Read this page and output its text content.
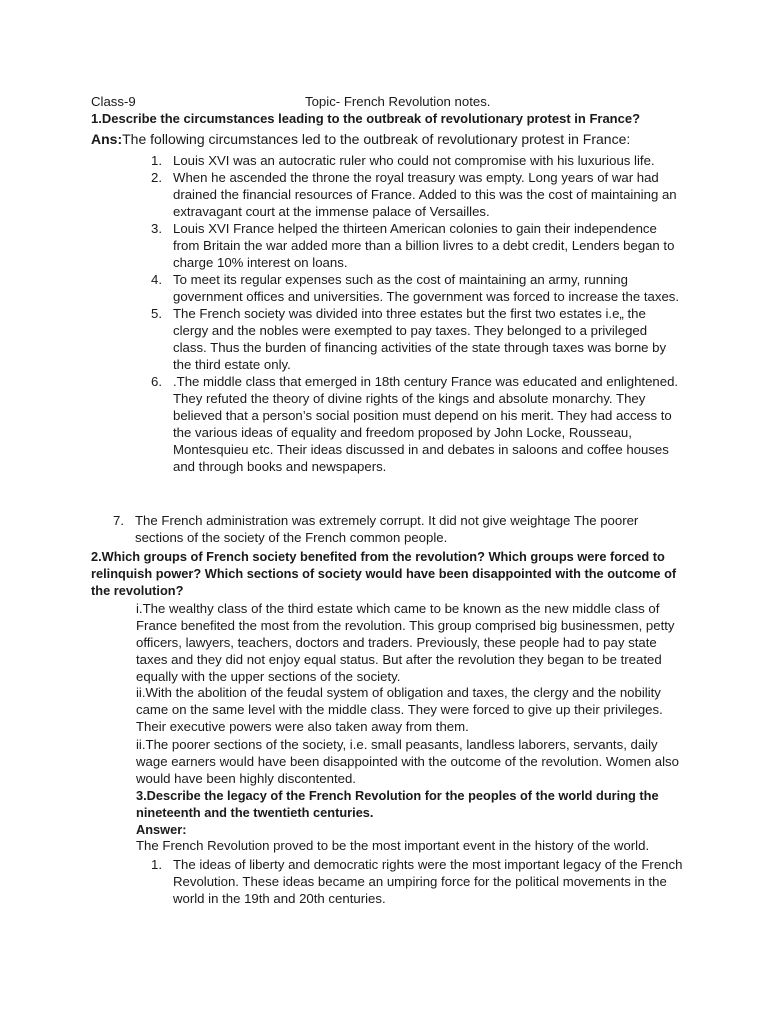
Class-9	Topic- French Revolution notes.
1.Describe the circumstances leading to the outbreak of revolutionary protest in France?
Ans:The following circumstances led to the outbreak of revolutionary protest in France:
1. Louis XVI was an autocratic ruler who could not compromise with his luxurious life.
2. When he ascended the throne the royal treasury was empty. Long years of war had drained the financial resources of France. Added to this was the cost of maintaining an extravagant court at the immense palace of Versailles.
3. Louis XVI France helped the thirteen American colonies to gain their independence from Britain the war added more than a billion livres to a debt credit, Lenders began to charge 10% interest on loans.
4. To meet its regular expenses such as the cost of maintaining an army, running government offices and universities. The government was forced to increase the taxes.
5. The French society was divided into three estates but the first two estates i.e„ the clergy and the nobles were exempted to pay taxes. They belonged to a privileged class. Thus the burden of financing activities of the state through taxes was borne by the third estate only.
6. .The middle class that emerged in 18th century France was educated and enlightened. They refuted the theory of divine rights of the kings and absolute monarchy. They believed that a person’s social position must depend on his merit. They had access to the various ideas of equality and freedom proposed by John Locke, Rousseau, Montesquieu etc. Their ideas discussed in and debates in saloons and coffee houses and through books and newspapers.
7. The French administration was extremely corrupt. It did not give weightage The poorer sections of the society of the French common people.
2.Which groups of French society benefited from the revolution? Which groups were forced to relinquish power? Which sections of society would have been disappointed with the outcome of the revolution?
i.The wealthy class of the third estate which came to be known as the new middle class of France benefited the most from the revolution. This group comprised big businessmen, petty officers, lawyers, teachers, doctors and traders. Previously, these people had to pay state taxes and they did not enjoy equal status. But after the revolution they began to be treated equally with the upper sections of the society.
ii.With the abolition of the feudal system of obligation and taxes, the clergy and the nobility came on the same level with the middle class. They were forced to give up their privileges. Their executive powers were also taken away from them.
ii.The poorer sections of the society, i.e. small peasants, landless laborers, servants, daily wage earners would have been disappointed with the outcome of the revolution. Women also would have been highly discontented.
3.Describe the legacy of the French Revolution for the peoples of the world during the nineteenth and the twentieth centuries.
Answer:
The French Revolution proved to be the most important event in the history of the world.
1. The ideas of liberty and democratic rights were the most important legacy of the French Revolution. These ideas became an umpiring force for the political movements in the world in the 19th and 20th centuries.
